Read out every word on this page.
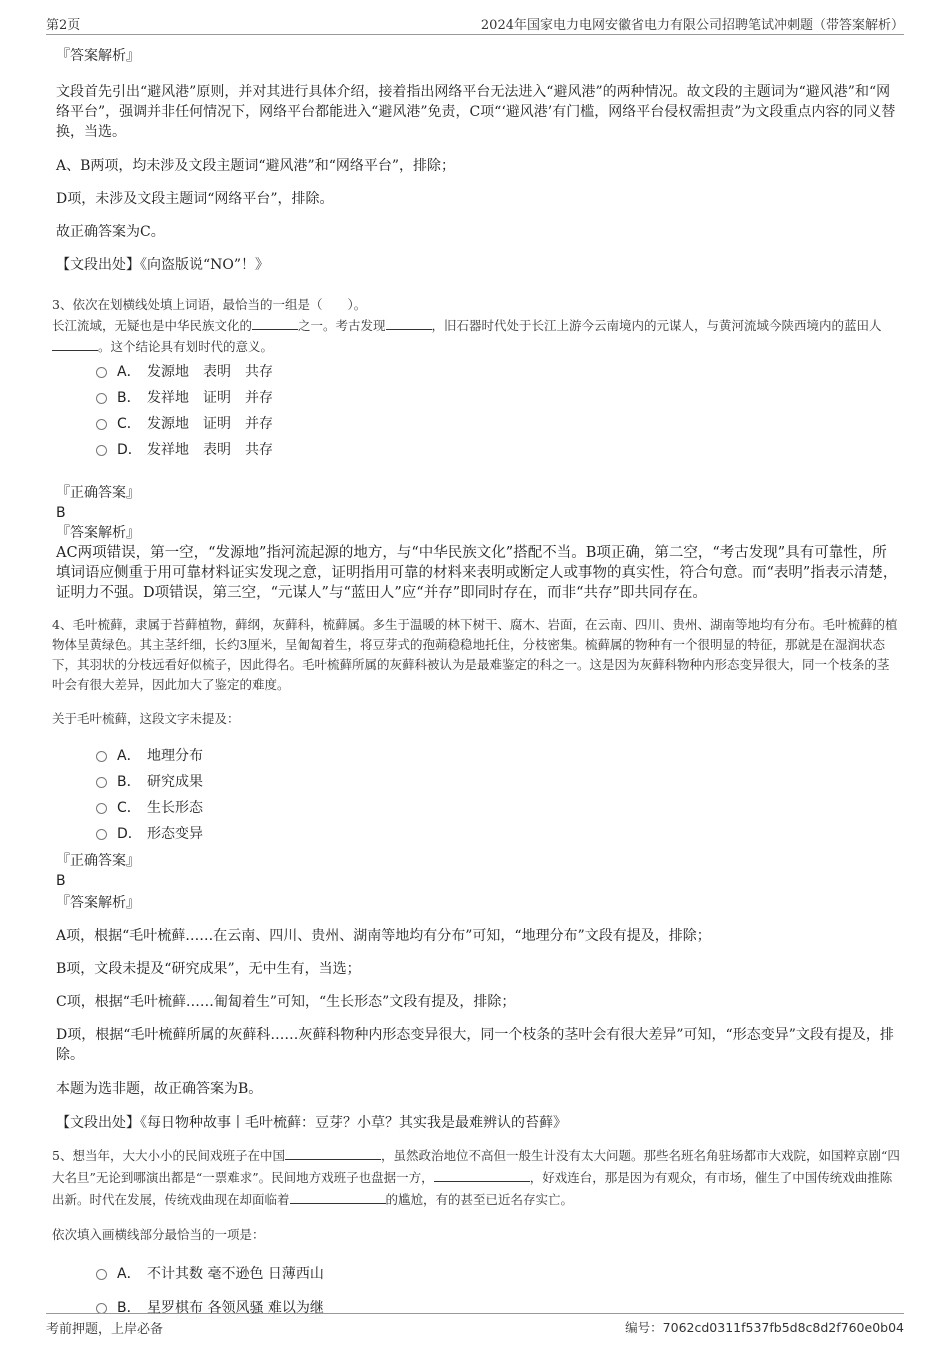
第2页	2024年国家电力电网安徽省电力有限公司招聘笔试冲刺题（带答案解析）

『答案解析』

文段首先引出“避风港”原则，并对其进行具体介绍，接着指出网络平台无法进入“避风港”的两种情况。故文段的主题词为“避风港”和“网络平台”，强调并非任何情况下，网络平台都能进入“避风港”免责，C项“‘避风港’有门槛，网络平台侵权需担责”为文段重点内容的同义替换，当选。

A、B两项，均未涉及文段主题词“避风港”和“网络平台”，排除；

D项，未涉及文段主题词“网络平台”，排除。

故正确答案为C。

【文段出处】《向盗版说“NO”！》

3、依次在划横线处填上词语，最恰当的一组是（　　）。

长江流域，无疑也是中华民族文化的	之一。考古发现	，旧石器时代处于长江上游今云南境内的元谋人，与黄河流域今陕西境内的蓝田人。这个结论具有划时代的意义。

A． 发源地　表明　共存
B． 发祥地　证明　并存
C． 发源地　证明　并存
D． 发祥地　表明　共存

『正确答案』

B

『答案解析』

AC两项错误，第一空，“发源地”指河流起源的地方，与“中华民族文化”搭配不当。B项正确，第二空，“考古发现”具有可靠性，所填词语应侧重于用可靠材料证实发现之意，证明指用可靠的材料来表明或断定人或事物的真实性，符合句意。而“表明”指表示清楚，证明力不强。D项错误，第三空，“元谋人”与“蓝田人”应“并存”即同时存在，而非“共存”即共同存在。

4、毛叶梳藓，隶属于苔藓植物，藓纲，灰藓科，梳藓属。多生于温暖的林下树干、腐木、岩面，在云南、四川、贵州、湖南等地均有分布。毛叶梳藓的植物体呈黄绿色。其主茎纤细，长约3厘米，呈匍匐着生，将豆芽式的孢蒴稳稳地托住，分枝密集。梳藓属的物种有一个很明显的特征，那就是在湿润状态下，其羽状的分枝远看好似梳子，因此得名。毛叶梳藓所属的灰藓科被认为是最难鉴定的科之一。这是因为灰藓科物种内形态变异很大，同一个枝条的茎叶会有很大差异，因此加大了鉴定的难度。

关于毛叶梳藓，这段文字未提及：

A． 地理分布
B． 研究成果
C． 生长形态
D． 形态变异

『正确答案』

B

『答案解析』

A项，根据“毛叶梳藓……在云南、四川、贵州、湖南等地均有分布”可知，“地理分布”文段有提及，排除；

B项，文段未提及“研究成果”，无中生有，当选；

C项，根据“毛叶梳藓……匍匐着生”可知，“生长形态”文段有提及，排除；

D项，根据“毛叶梳藓所属的灰藓科……灰藓科物种内形态变异很大，同一个枝条的茎叶会有很大差异”可知，“形态变异”文段有提及，排除。

本题为选非题，故正确答案为B。

【文段出处】《每日物种故事丨毛叶梳藓：豆芽？小草？其实我是最难辨认的苔藓》

5、想当年，大大小小的民间戏班子在中国	，虽然政治地位不高但一般生计没有太大问题。那些名班名角驻场都市大戏院，如国粹京剧“四大名旦”无论到哪演出都是“一票难求”。民间地方戏班子也盘据一方，	，好戏连台，那是因为有观众，有市场，催生了中国传统戏曲推陈出新。时代在发展，传统戏曲现在却面临着	的尴尬，有的甚至已近名存实亡。

依次填入画横线部分最恰当的一项是：

A． 不计其数 毫不逊色 日薄西山
B． 星罗棋布 各领风骚 难以为继
考前押题，上岸必备	编号：7062cd0311f537fb5d8c8d2f760e0b04
